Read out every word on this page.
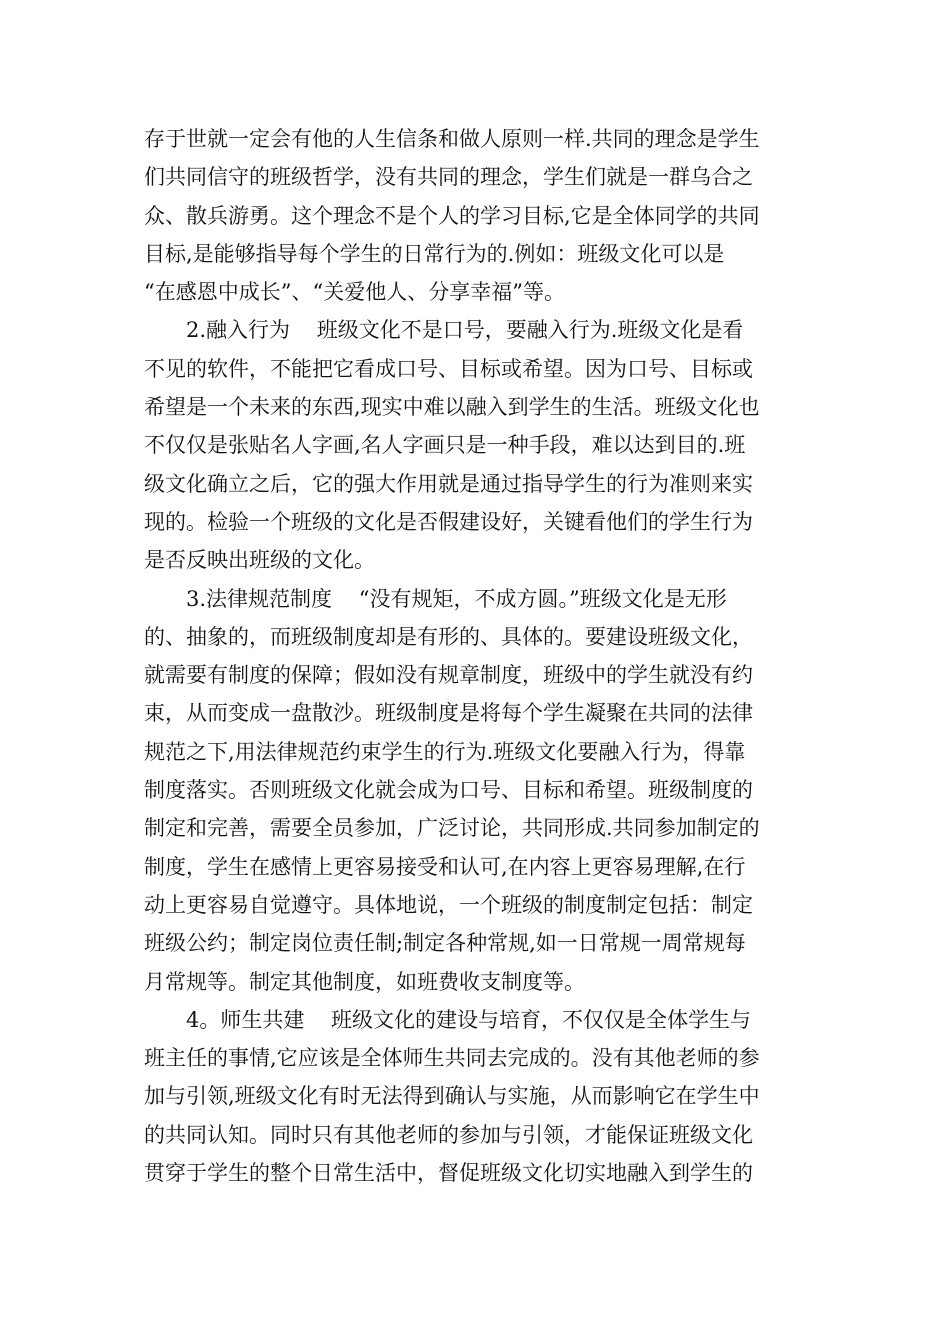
存于世就一定会有他的人生信条和做人原则一样.共同的理念是学生
们共同信守的班级哲学，没有共同的理念，学生们就是一群乌合之
众、散兵游勇。这个理念不是个人的学习目标,它是全体同学的共同
目标,是能够指导每个学生的日常行为的.例如：班级文化可以是
“在感恩中成长”、“关爱他人、分享幸福”等。
2.融入行为    班级文化不是口号，要融入行为.班级文化是看
不见的软件，不能把它看成口号、目标或希望。因为口号、目标或
希望是一个未来的东西,现实中难以融入到学生的生活。班级文化也
不仅仅是张贴名人字画,名人字画只是一种手段，难以达到目的.班
级文化确立之后，它的强大作用就是通过指导学生的行为准则来实
现的。检验一个班级的文化是否假建设好，关键看他们的学生行为
是否反映出班级的文化。
3.法律规范制度    “没有规矩，不成方圆。”班级文化是无形
的、抽象的，而班级制度却是有形的、具体的。要建设班级文化，
就需要有制度的保障；假如没有规章制度，班级中的学生就没有约
束，从而变成一盘散沙。班级制度是将每个学生凝聚在共同的法律
规范之下,用法律规范约束学生的行为.班级文化要融入行为，得靠
制度落实。否则班级文化就会成为口号、目标和希望。班级制度的
制定和完善，需要全员参加，广泛讨论，共同形成.共同参加制定的
制度，学生在感情上更容易接受和认可,在内容上更容易理解,在行
动上更容易自觉遵守。具体地说，一个班级的制度制定包括：制定
班级公约；制定岗位责任制;制定各种常规,如一日常规一周常规每
月常规等。制定其他制度，如班费收支制度等。
4。师生共建    班级文化的建设与培育，不仅仅是全体学生与
班主任的事情,它应该是全体师生共同去完成的。没有其他老师的参
加与引领,班级文化有时无法得到确认与实施，从而影响它在学生中
的共同认知。同时只有其他老师的参加与引领，才能保证班级文化
贯穿于学生的整个日常生活中，督促班级文化切实地融入到学生的
